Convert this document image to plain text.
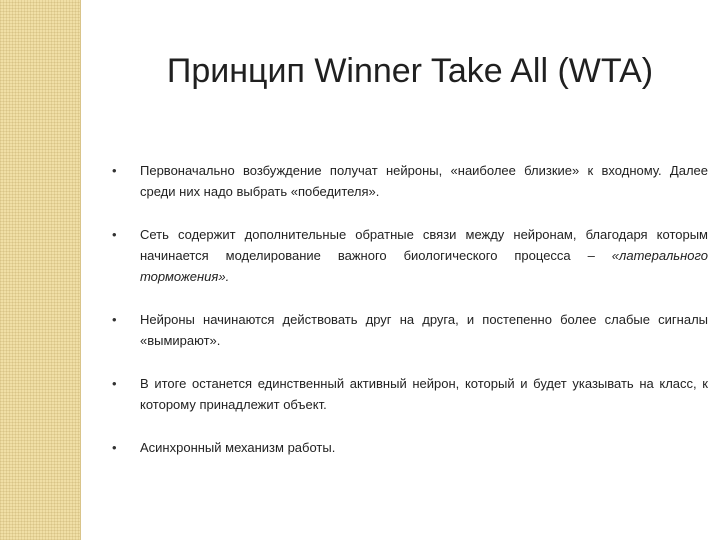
Принцип Winner Take All (WTA)
• Первоначально возбуждение получат нейроны, «наиболее близкие» к входному. Далее среди них надо выбрать «победителя».
• Сеть содержит дополнительные обратные связи между нейронам, благодаря которым начинается моделирование важного биологического процесса – «латерального торможения».
• Нейроны начинаются действовать друг на друга, и постепенно более слабые сигналы «вымирают».
• В итоге останется единственный активный нейрон, который и будет указывать на класс, к которому принадлежит объект.
• Асинхронный механизм работы.
